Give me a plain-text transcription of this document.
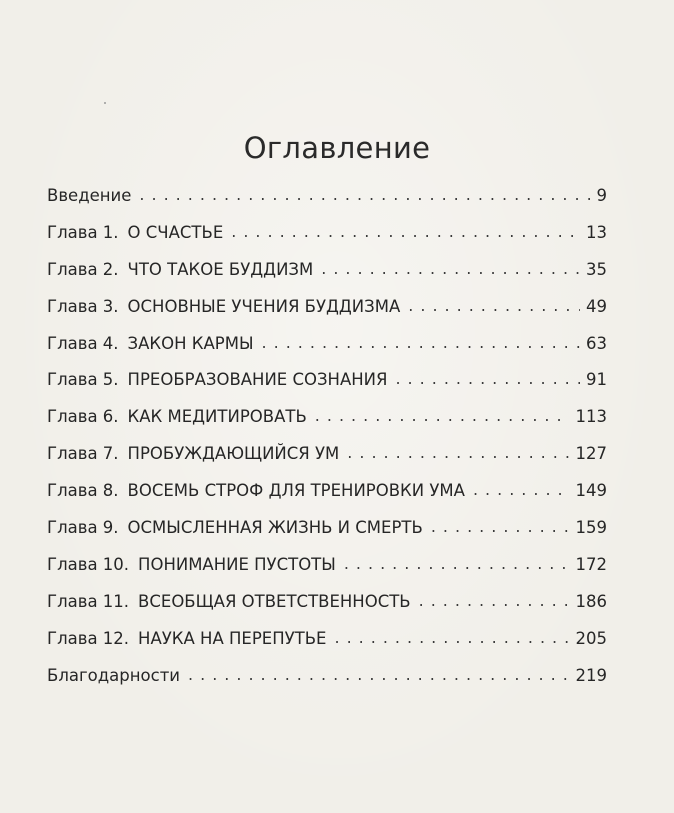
Оглавление
Введение .....	9
Глава 1. О СЧАСТЬЕ .....	13
Глава 2. ЧТО ТАКОЕ БУДДИЗМ .....	35
Глава 3. ОСНОВНЫЕ УЧЕНИЯ БУДДИЗМА .....	49
Глава 4. ЗАКОН КАРМЫ .....	63
Глава 5. ПРЕОБРАЗОВАНИЕ СОЗНАНИЯ .....	91
Глава 6. КАК МЕДИТИРОВАТЬ .....	113
Глава 7. ПРОБУЖДАЮЩИЙСЯ УМ .....	127
Глава 8. ВОСЕМЬ СТРОФ ДЛЯ ТРЕНИРОВКИ УМА .....	149
Глава 9. ОСМЫСЛЕННАЯ ЖИЗНЬ И СМЕРТЬ .....	159
Глава 10. ПОНИМАНИЕ ПУСТОТЫ .....	172
Глава 11. ВСЕОБЩАЯ ОТВЕТСТВЕННОСТЬ .....	186
Глава 12. НАУКА НА ПЕРЕПУТЬЕ .....	205
Благодарности .....	219
